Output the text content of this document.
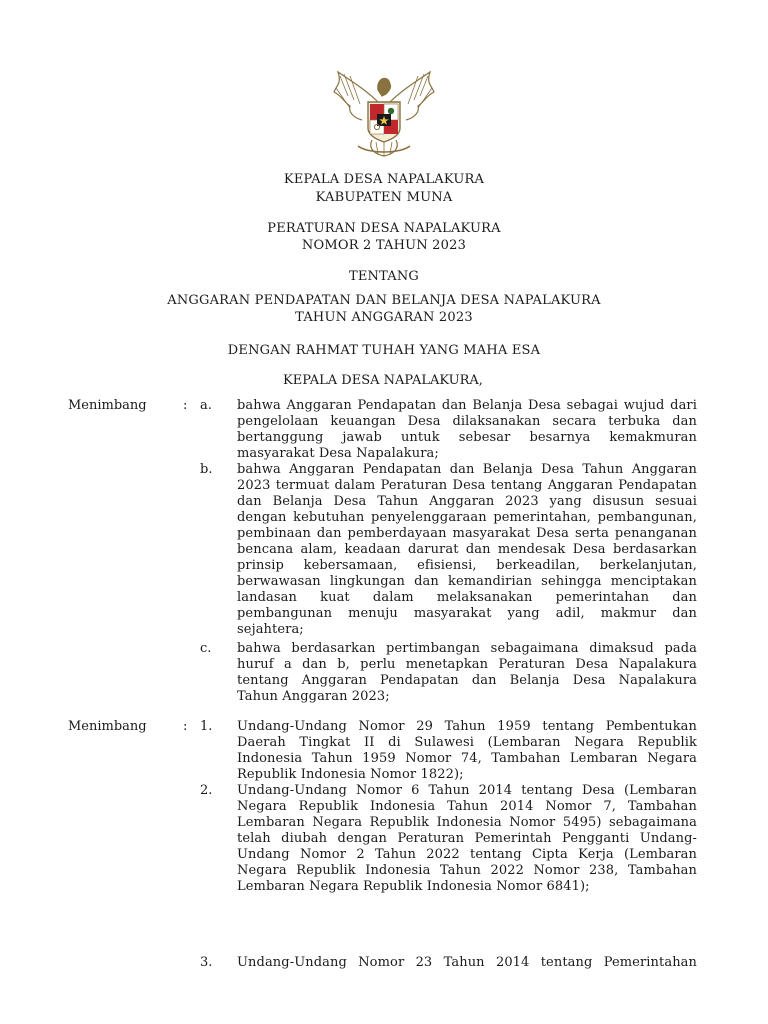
KEPALA DESA NAPALAKURA
KABUPATEN MUNA
PERATURAN DESA NAPALAKURA
NOMOR 2 TAHUN 2023
TENTANG
ANGGARAN PENDAPATAN DAN BELANJA DESA NAPALAKURA
TAHUN ANGGARAN 2023
DENGAN RAHMAT TUHAH YANG MAHA ESA
KEPALA DESA NAPALAKURA,
Menimbang	: a. bahwa Anggaran Pendapatan dan Belanja Desa sebagai wujud dari
pengelolaan keuangan Desa dilaksanakan secara terbuka dan
bertanggung jawab untuk sebesar besarnya kemakmuran
masyarakat Desa Napalakura;
b. bahwa Anggaran Pendapatan dan Belanja Desa Tahun Anggaran
2023 termuat dalam Peraturan Desa tentang Anggaran Pendapatan
dan Belanja Desa Tahun Anggaran 2023 yang disusun sesuai
dengan kebutuhan penyelenggaraan pemerintahan, pembangunan,
pembinaan dan pemberdayaan masyarakat Desa serta penanganan
bencana alam, keadaan darurat dan mendesak Desa berdasarkan
prinsip kebersamaan, efisiensi, berkeadilan, berkelanjutan,
berwawasan lingkungan dan kemandirian sehingga menciptakan
landasan kuat dalam melaksanakan pemerintahan dan
pembangunan menuju masyarakat yang adil, makmur dan
sejahtera;
c. bahwa berdasarkan pertimbangan sebagaimana dimaksud pada
huruf a dan b, perlu menetapkan Peraturan Desa Napalakura
tentang Anggaran Pendapatan dan Belanja Desa Napalakura
Tahun Anggaran 2023;
Menimbang	: 1. Undang-Undang Nomor 29 Tahun 1959 tentang Pembentukan
Daerah Tingkat II di Sulawesi (Lembaran Negara Republik
Indonesia Tahun 1959 Nomor 74, Tambahan Lembaran Negara
Republik Indonesia Nomor 1822);
2. Undang-Undang Nomor 6 Tahun 2014 tentang Desa (Lembaran
Negara Republik Indonesia Tahun 2014 Nomor 7, Tambahan
Lembaran Negara Republik Indonesia Nomor 5495) sebagaimana
telah diubah dengan Peraturan Pemerintah Pengganti Undang-
Undang Nomor 2 Tahun 2022 tentang Cipta Kerja (Lembaran
Negara Republik Indonesia Tahun 2022 Nomor 238, Tambahan
Lembaran Negara Republik Indonesia Nomor 6841);
3. Undang-Undang Nomor 23 Tahun 2014 tentang Pemerintahan
